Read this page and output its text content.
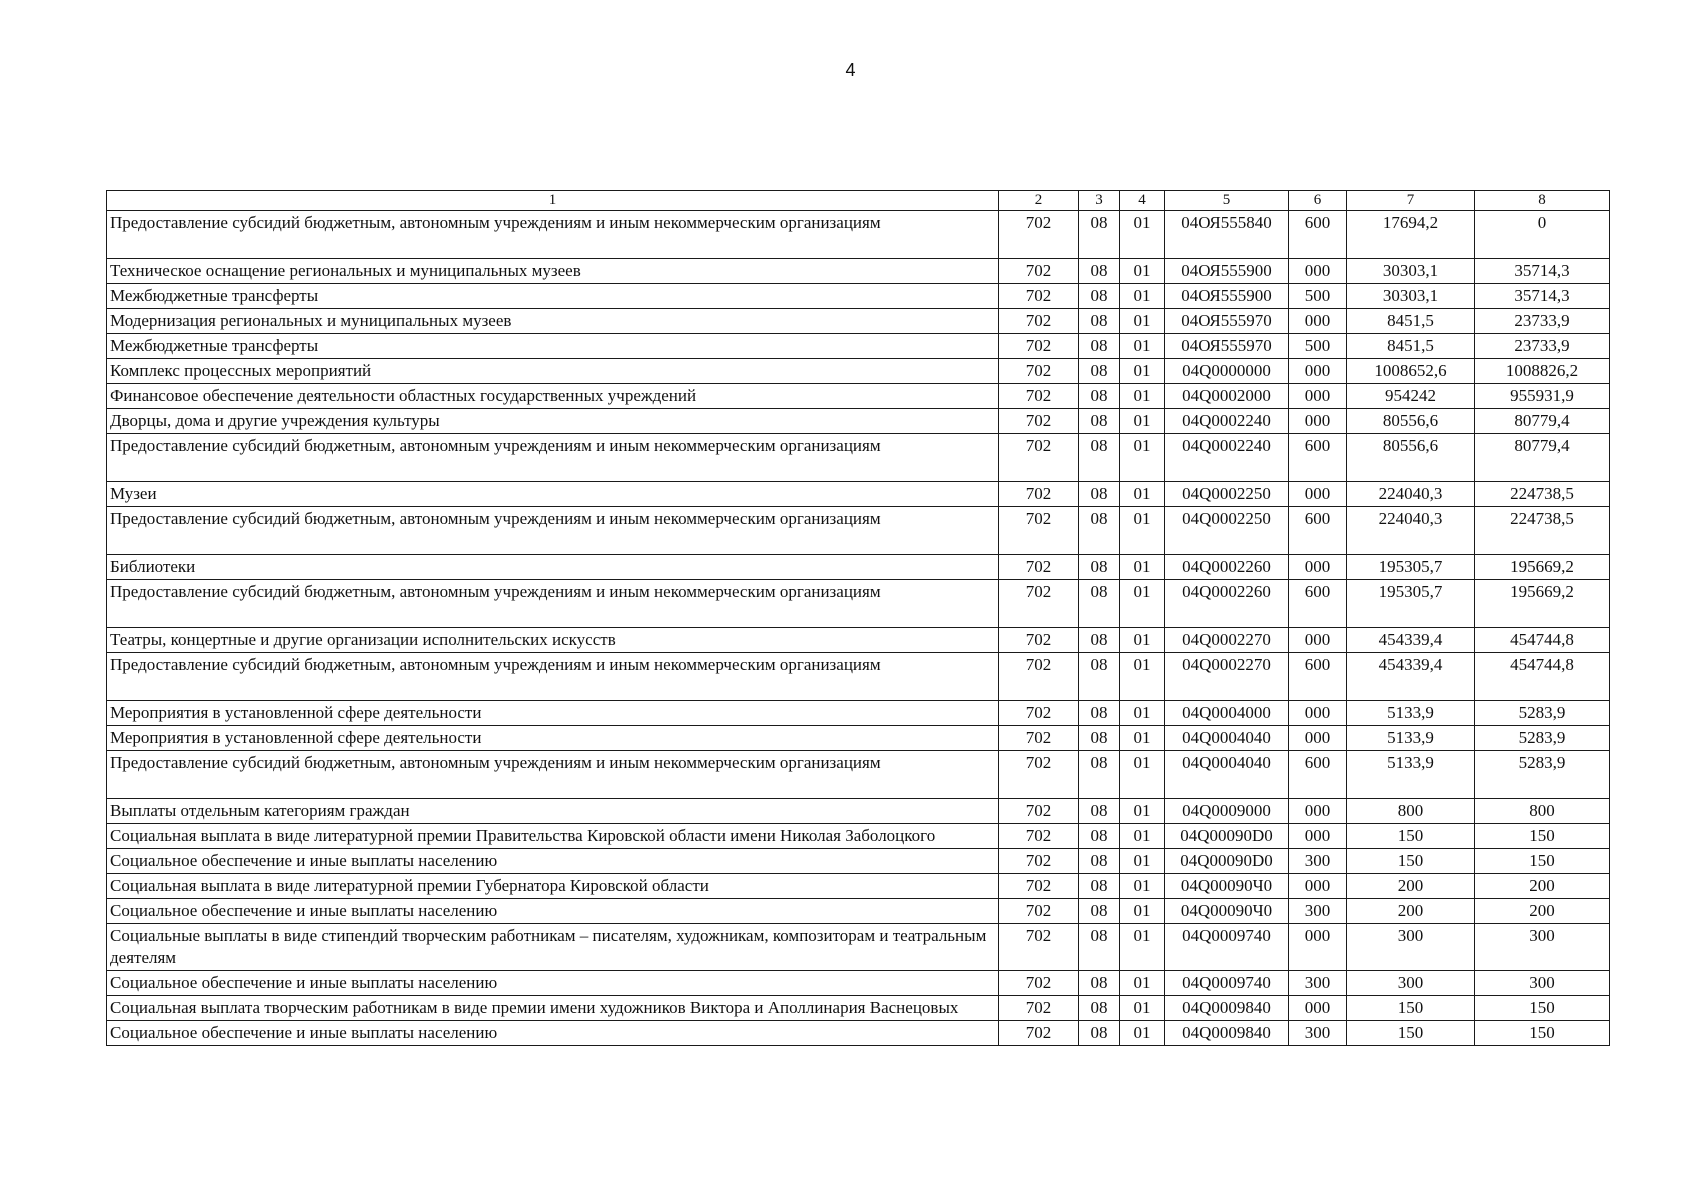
4
1	2	3	4	5	6	7	8
Предоставление субсидий бюджетным, автономным учреждениям и иным некоммерческим организациям	702	08	01	04ОЯ555840	600	17694,2	0
Техническое оснащение региональных и муниципальных музеев	702	08	01	04ОЯ555900	000	30303,1	35714,3
Межбюджетные трансферты	702	08	01	04ОЯ555900	500	30303,1	35714,3
Модернизация региональных и муниципальных музеев	702	08	01	04ОЯ555970	000	8451,5	23733,9
Межбюджетные трансферты	702	08	01	04ОЯ555970	500	8451,5	23733,9
Комплекс процессных мероприятий	702	08	01	04Q0000000	000	1008652,6	1008826,2
Финансовое обеспечение деятельности областных государственных учреждений	702	08	01	04Q0002000	000	954242	955931,9
Дворцы, дома и другие учреждения культуры	702	08	01	04Q0002240	000	80556,6	80779,4
Предоставление субсидий бюджетным, автономным учреждениям и иным некоммерческим организациям	702	08	01	04Q0002240	600	80556,6	80779,4
Музеи	702	08	01	04Q0002250	000	224040,3	224738,5
Предоставление субсидий бюджетным, автономным учреждениям и иным некоммерческим организациям	702	08	01	04Q0002250	600	224040,3	224738,5
Библиотеки	702	08	01	04Q0002260	000	195305,7	195669,2
Предоставление субсидий бюджетным, автономным учреждениям и иным некоммерческим организациям	702	08	01	04Q0002260	600	195305,7	195669,2
Театры, концертные и другие организации исполнительских искусств	702	08	01	04Q0002270	000	454339,4	454744,8
Предоставление субсидий бюджетным, автономным учреждениям и иным некоммерческим организациям	702	08	01	04Q0002270	600	454339,4	454744,8
Мероприятия в установленной сфере деятельности	702	08	01	04Q0004000	000	5133,9	5283,9
Мероприятия в установленной сфере деятельности	702	08	01	04Q0004040	000	5133,9	5283,9
Предоставление субсидий бюджетным, автономным учреждениям и иным некоммерческим организациям	702	08	01	04Q0004040	600	5133,9	5283,9
Выплаты отдельным категориям граждан	702	08	01	04Q0009000	000	800	800
Социальная выплата в виде литературной премии Правительства Кировской области имени Николая Заболоцкого	702	08	01	04Q00090D0	000	150	150
Социальное обеспечение и иные выплаты населению	702	08	01	04Q00090D0	300	150	150
Социальная выплата в виде литературной премии Губернатора Кировской области	702	08	01	04Q00090Ч0	000	200	200
Социальное обеспечение и иные выплаты населению	702	08	01	04Q00090Ч0	300	200	200
Социальные выплаты в виде стипендий творческим работникам – писателям, художникам, композиторам и театральным деятелям	702	08	01	04Q0009740	000	300	300
Социальное обеспечение и иные выплаты населению	702	08	01	04Q0009740	300	300	300
Социальная выплата творческим работникам в виде премии имени художников Виктора и Аполлинария Васнецовых	702	08	01	04Q0009840	000	150	150
Социальное обеспечение и иные выплаты населению	702	08	01	04Q0009840	300	150	150
